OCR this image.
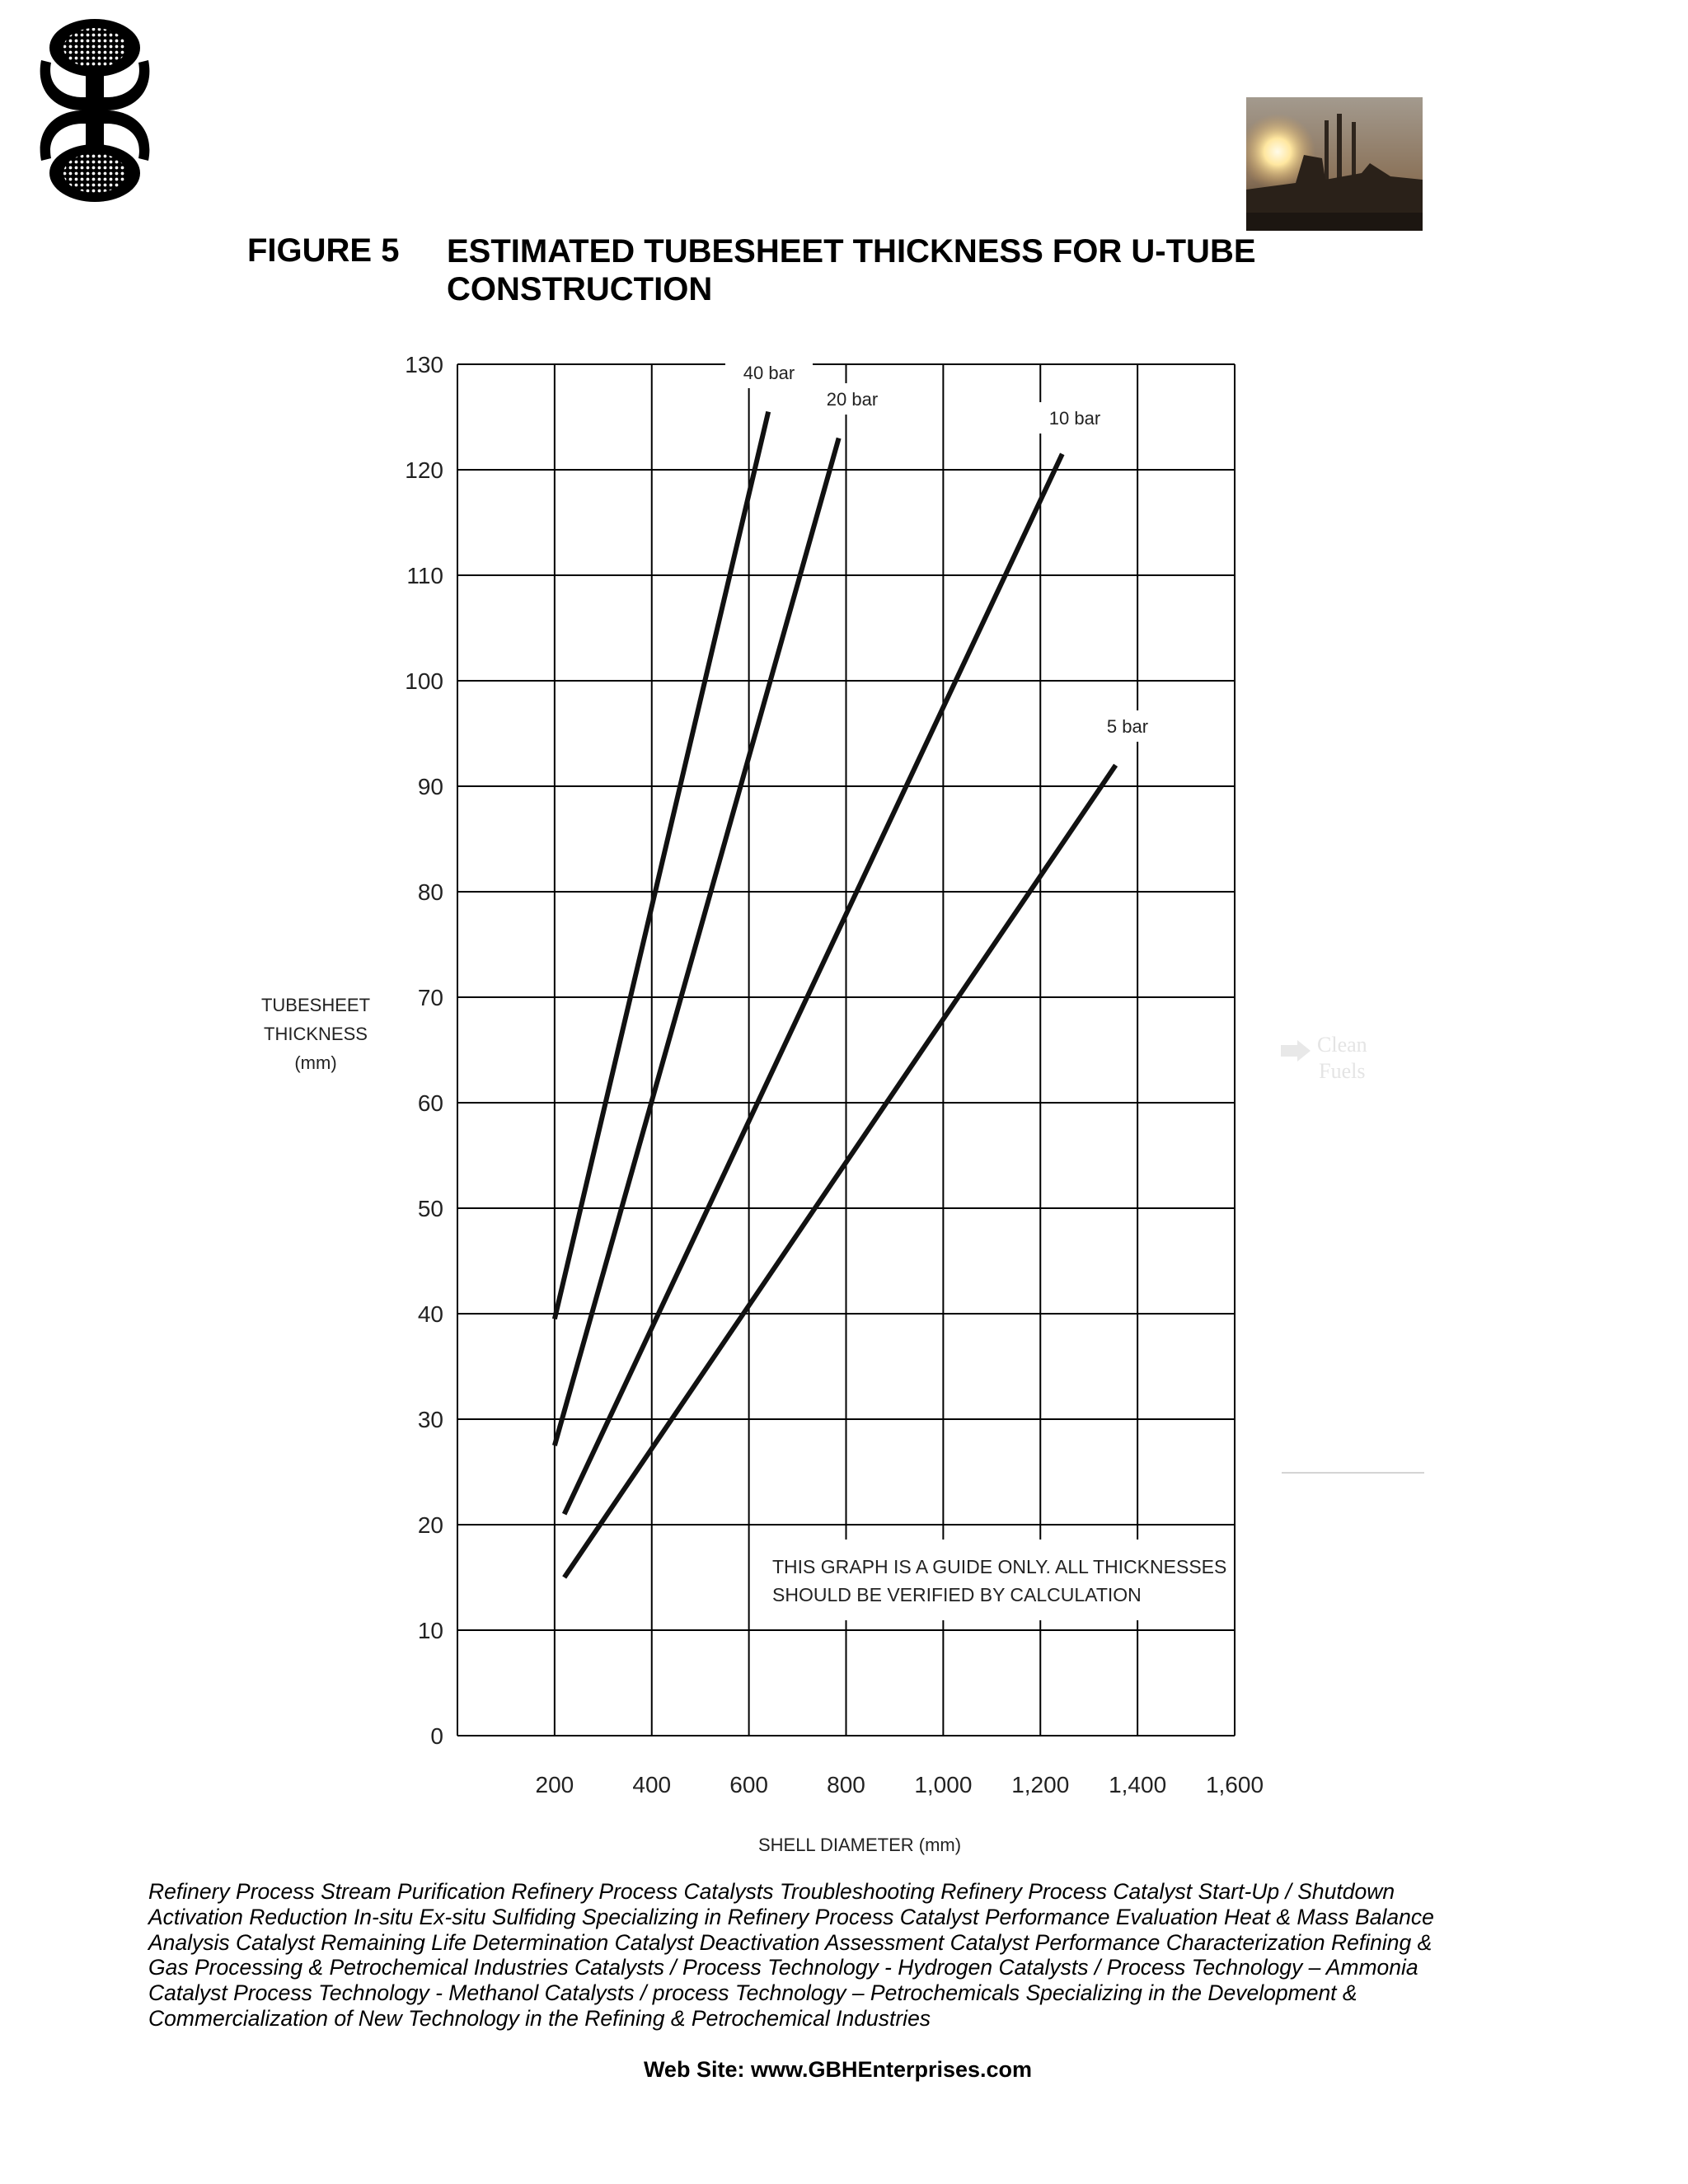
FIGURE 5 ESTIMATED TUBESHEET THICKNESS FOR U-TUBE CONSTRUCTION
Clean
Fuels
0
10
20
30
40
50
60
70
80
90
100
110
120
130
200	400	600	800 1,000 1,200 1,400 1,600
40 bar
20 bar
10 bar
5 bar
THIS GRAPH IS A GUIDE ONLY. ALL THICKNESSES
SHOULD BE VERIFIED BY CALCULATION
TUBESHEET
THICKNESS
(mm)
SHELL DIAMETER (mm)
Refinery Process Stream Purification Refinery Process Catalysts Troubleshooting Refinery Process Catalyst Start-Up / Shutdown Activation Reduction In-situ Ex-situ Sulfiding Specializing in Refinery Process Catalyst Performance Evaluation Heat & Mass Balance Analysis Catalyst Remaining Life Determination Catalyst Deactivation Assessment Catalyst Performance Characterization Refining & Gas Processing & Petrochemical Industries Catalysts / Process Technology - Hydrogen Catalysts / Process Technology – Ammonia Catalyst Process Technology - Methanol Catalysts / process Technology – Petrochemicals Specializing in the Development & Commercialization of New Technology in the Refining & Petrochemical Industries
Web Site: www.GBHEnterprises.com
